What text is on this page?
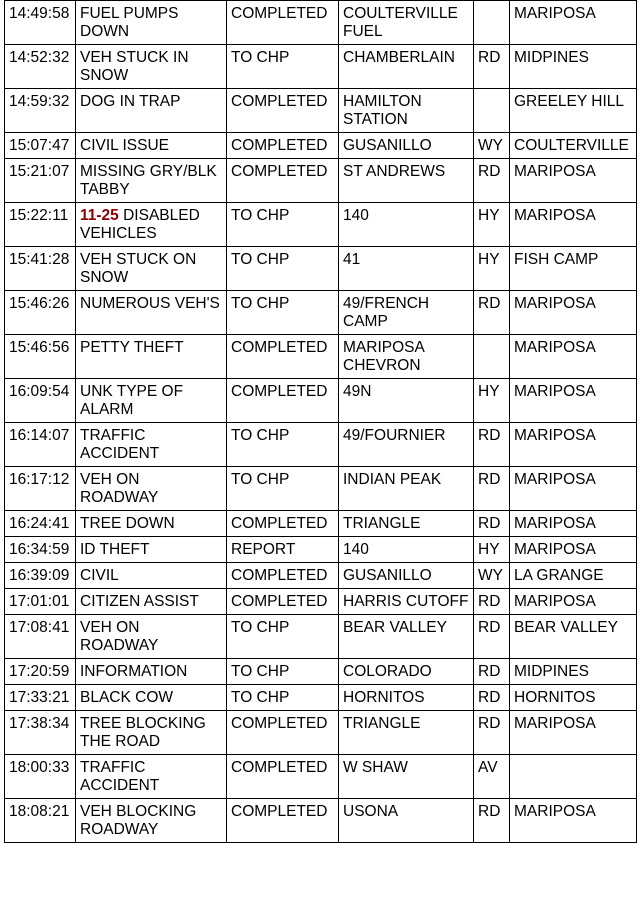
14:49:58	FUEL PUMPS DOWN	COMPLETED	COULTERVILLE FUEL		MARIPOSA
14:52:32	VEH STUCK IN SNOW	TO CHP	CHAMBERLAIN	RD	MIDPINES
14:59:32	DOG IN TRAP	COMPLETED	HAMILTON STATION		GREELEY HILL
15:07:47	CIVIL ISSUE	COMPLETED	GUSANILLO	WY	COULTERVILLE
15:21:07	MISSING GRY/BLK TABBY	COMPLETED	ST ANDREWS	RD	MARIPOSA
15:22:11	11-25 DISABLED VEHICLES	TO CHP	140	HY	MARIPOSA
15:41:28	VEH STUCK ON SNOW	TO CHP	41	HY	FISH CAMP
15:46:26	NUMEROUS VEH'S	TO CHP	49/FRENCH CAMP	RD	MARIPOSA
15:46:56	PETTY THEFT	COMPLETED	MARIPOSA CHEVRON		MARIPOSA
16:09:54	UNK TYPE OF ALARM	COMPLETED	49N	HY	MARIPOSA
16:14:07	TRAFFIC ACCIDENT	TO CHP	49/FOURNIER	RD	MARIPOSA
16:17:12	VEH ON ROADWAY	TO CHP	INDIAN PEAK	RD	MARIPOSA
16:24:41	TREE DOWN	COMPLETED	TRIANGLE	RD	MARIPOSA
16:34:59	ID THEFT	REPORT	140	HY	MARIPOSA
16:39:09	CIVIL	COMPLETED	GUSANILLO	WY	LA GRANGE
17:01:01	CITIZEN ASSIST	COMPLETED	HARRIS CUTOFF	RD	MARIPOSA
17:08:41	VEH ON ROADWAY	TO CHP	BEAR VALLEY	RD	BEAR VALLEY
17:20:59	INFORMATION	TO CHP	COLORADO	RD	MIDPINES
17:33:21	BLACK COW	TO CHP	HORNITOS	RD	HORNITOS
17:38:34	TREE BLOCKING THE ROAD	COMPLETED	TRIANGLE	RD	MARIPOSA
18:00:33	TRAFFIC ACCIDENT	COMPLETED	W SHAW	AV	
18:08:21	VEH BLOCKING ROADWAY	COMPLETED	USONA	RD	MARIPOSA
